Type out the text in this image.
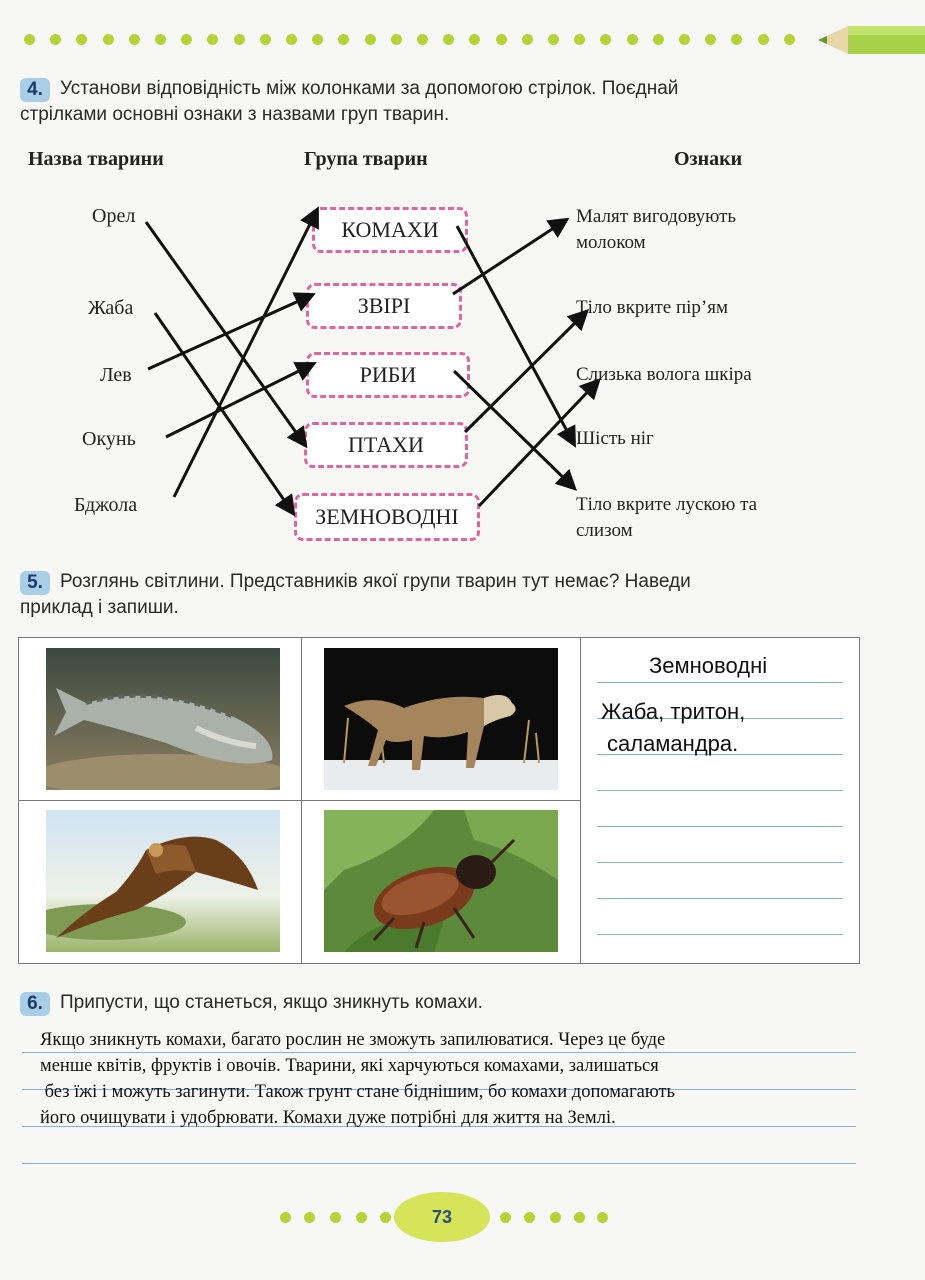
4. Установи відповідність між колонками за допомогою стрілок. Поєднай
стрілками основні ознаки з назвами груп тварин.
Назва тварини	Група тварин	Ознаки
Орел
Жаба
Лев
Окунь
Бджола
КОМАХИ
ЗВІРІ
РИБИ
ПТАХИ
ЗЕМНОВОДНІ
Малят вигодовують
молоком
Тіло вкрите пір’ям
Слизька волога шкіра
Шість ніг
Тіло вкрите лускою та
слизом
5. Розглянь світлини. Представників якої групи тварин тут немає? Наведи
приклад і запиши.
Земноводні
Жаба, тритон,
саламандра.
6. Припусти, що станеться, якщо зникнуть комахи.
Якщо зникнуть комахи, багато рослин не зможуть запилюватися. Через це буде
менше квітів, фруктів і овочів. Тварини, які харчуються комахами, залишаться
без їжі і можуть загинути. Також грунт стане біднішим, бо комахи допомагають
його очищувати і удобрювати. Комахи дуже потрібні для життя на Землі.
73
